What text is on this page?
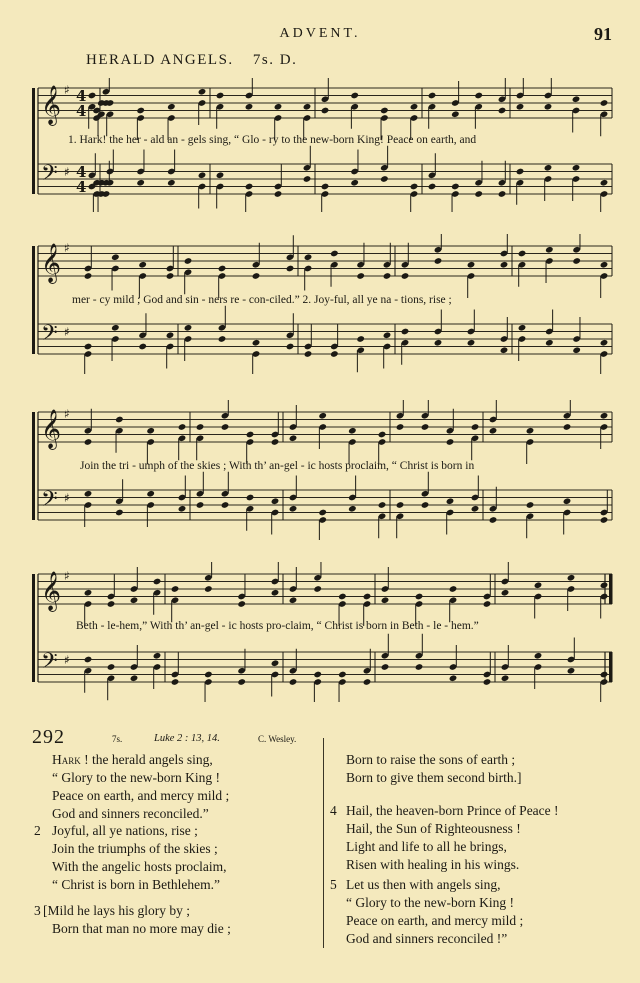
ADVENT.	91
HERALD ANGELS. 7s. D.
𝄞 ♯ 4
4
𝄢 ♯ 4
4
1. Hark! the her - ald an - gels sing, “ Glo - ry to the new-born King! Peace on earth, and
𝄞 ♯
𝄢 ♯
mer - cy mild ; God and sin - ners re - con-ciled.” 2. Joy-ful, all ye na - tions, rise ;
𝄞 ♯
𝄢 ♯
Join the tri - umph of the skies ; With th’ an-gel - ic hosts proclaim, “ Christ is born in
𝄞 ♯
𝄢 ♯
Beth - le-hem,” With th’ an-gel - ic hosts pro-claim, “ Christ is born in Beth - le - hem.”
292	7s.	Luke 2 : 13, 14.	C. Wesley.
Hark ! the herald angels sing,
“ Glory to the new-born King !
Peace on earth, and mercy mild ;
God and sinners reconciled.”
2 Joyful, all ye nations, rise ;
Join the triumphs of the skies ;
With the angelic hosts proclaim,
“ Christ is born in Bethlehem.”
3 [Mild he lays his glory by ;
Born that man no more may die ;
Born to raise the sons of earth ;
Born to give them second birth.]
4 Hail, the heaven-born Prince of Peace !
Hail, the Sun of Righteousness !
Light and life to all he brings,
Risen with healing in his wings.
5 Let us then with angels sing,
“ Glory to the new-born King !
Peace on earth, and mercy mild ;
God and sinners reconciled !”
